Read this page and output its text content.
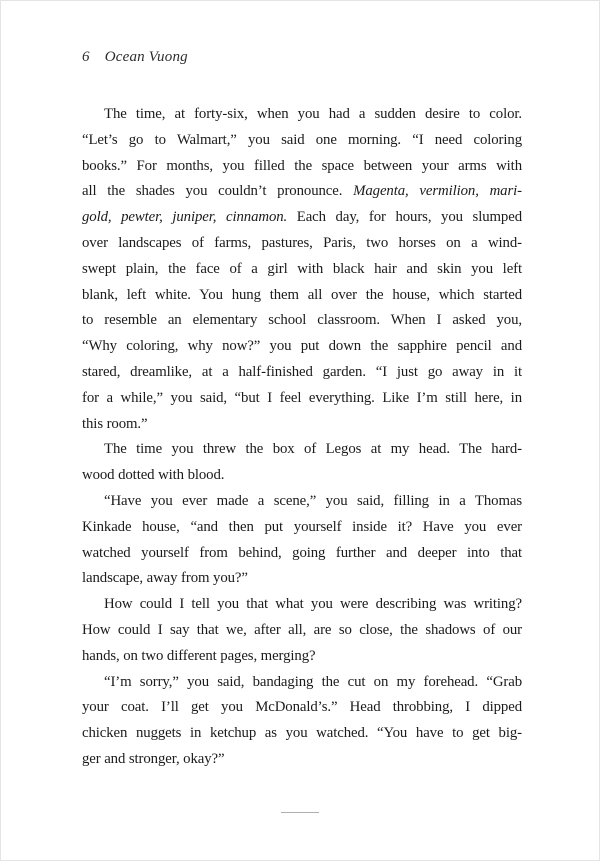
6 Ocean Vuong
The time, at forty-six, when you had a sudden desire to color.
“Let’s go to Walmart,” you said one morning. “I need coloring
books.” For months, you filled the space between your arms with
all the shades you couldn’t pronounce. Magenta, vermilion, mari-
gold, pewter, juniper, cinnamon. Each day, for hours, you slumped
over landscapes of farms, pastures, Paris, two horses on a wind-
swept plain, the face of a girl with black hair and skin you left
blank, left white. You hung them all over the house, which started
to resemble an elementary school classroom. When I asked you,
“Why coloring, why now?” you put down the sapphire pencil and
stared, dreamlike, at a half-finished garden. “I just go away in it
for a while,” you said, “but I feel everything. Like I’m still here, in
this room.”
The time you threw the box of Legos at my head. The hard-
wood dotted with blood.
“Have you ever made a scene,” you said, filling in a Thomas
Kinkade house, “and then put yourself inside it? Have you ever
watched yourself from behind, going further and deeper into that
landscape, away from you?”
How could I tell you that what you were describing was writing?
How could I say that we, after all, are so close, the shadows of our
hands, on two different pages, merging?
“I’m sorry,” you said, bandaging the cut on my forehead. “Grab
your coat. I’ll get you McDonald’s.” Head throbbing, I dipped
chicken nuggets in ketchup as you watched. “You have to get big-
ger and stronger, okay?”
